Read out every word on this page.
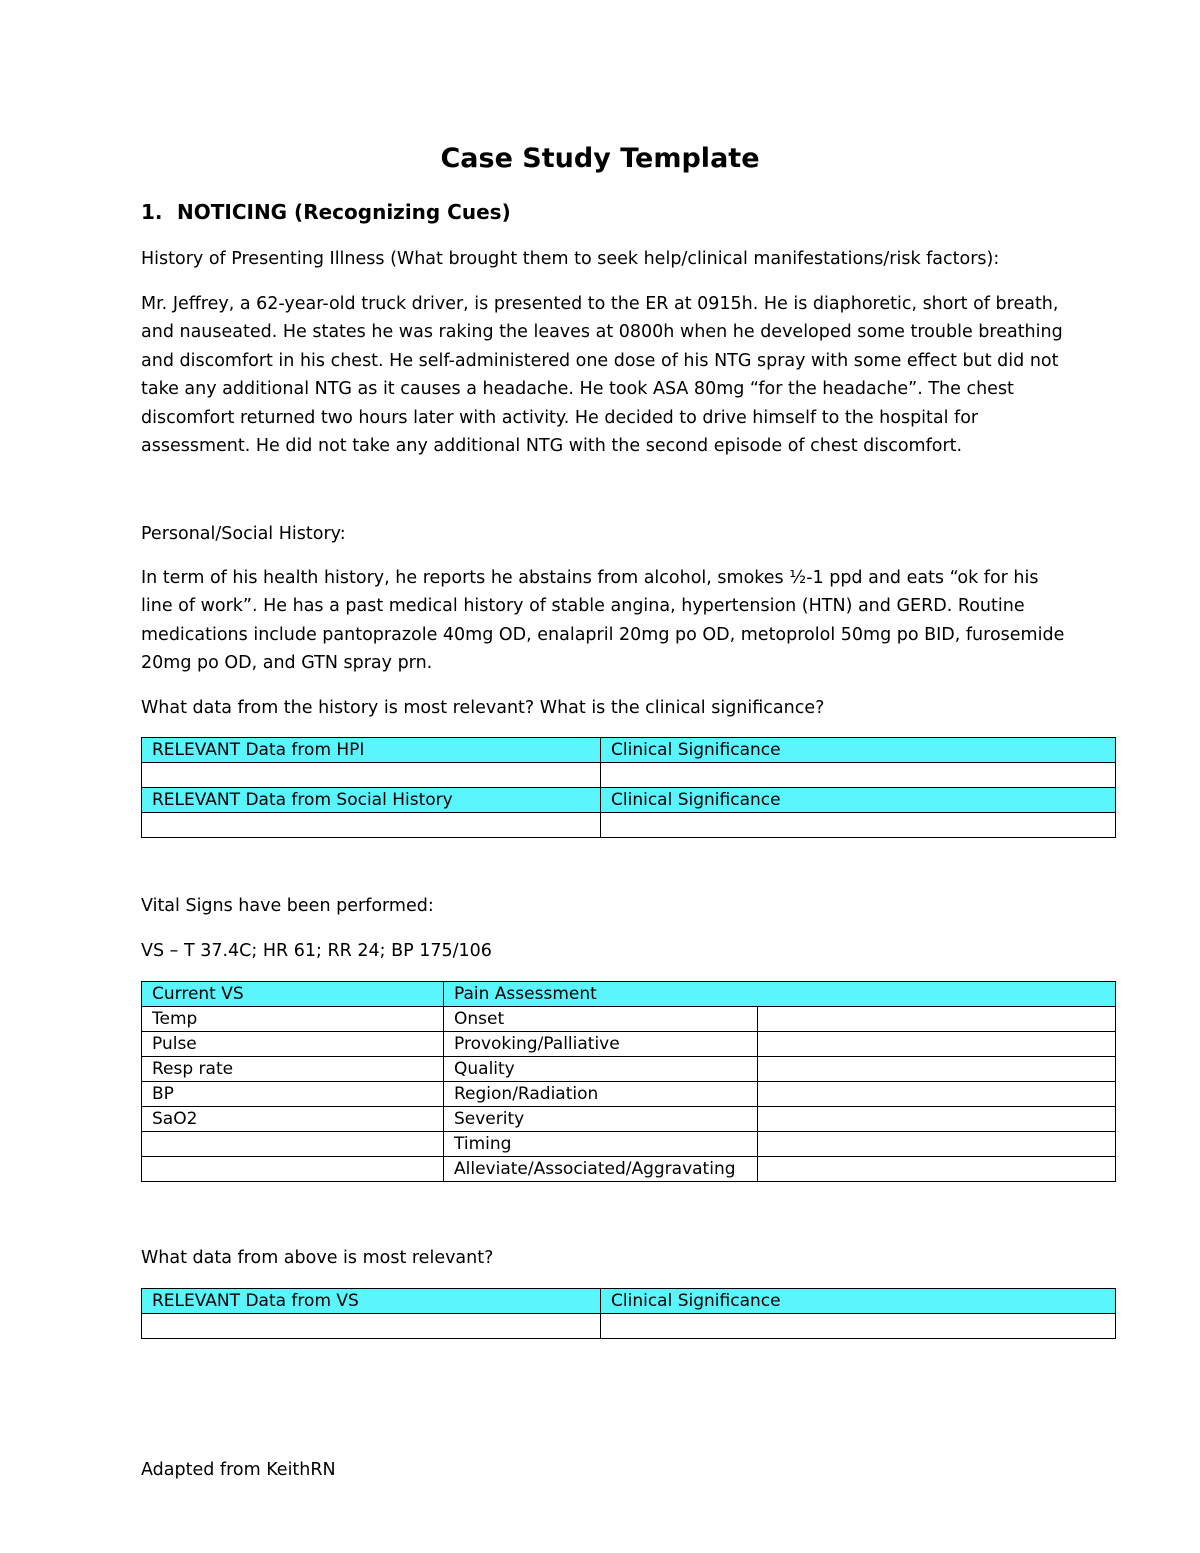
Case Study Template
1. NOTICING (Recognizing Cues)

History of Presenting Illness (What brought them to seek help/clinical manifestations/risk factors):

Mr. Jeffrey, a 62-year-old truck driver, is presented to the ER at 0915h. He is diaphoretic, short of breath, and nauseated. He states he was raking the leaves at 0800h when he developed some trouble breathing and discomfort in his chest. He self-administered one dose of his NTG spray with some effect but did not take any additional NTG as it causes a headache. He took ASA 80mg “for the headache”. The chest discomfort returned two hours later with activity. He decided to drive himself to the hospital for assessment. He did not take any additional NTG with the second episode of chest discomfort.

Personal/Social History:

In term of his health history, he reports he abstains from alcohol, smokes ½-1 ppd and eats “ok for his line of work”. He has a past medical history of stable angina, hypertension (HTN) and GERD. Routine medications include pantoprazole 40mg OD, enalapril 20mg po OD, metoprolol 50mg po BID, furosemide 20mg po OD, and GTN spray prn.

What data from the history is most relevant? What is the clinical significance?

RELEVANT Data from HPI	Clinical Significance

RELEVANT Data from Social History	Clinical Significance

Vital Signs have been performed:

VS – T 37.4C; HR 61; RR 24; BP 175/106

Current VS	Pain Assessment	
Temp	Onset	
Pulse	Provoking/Palliative	
Resp rate	Quality	
BP	Region/Radiation	
SaO2	Severity	
	Timing	
	Alleviate/Associated/Aggravating	

What data from above is most relevant?

RELEVANT Data from VS	Clinical Significance

Adapted from KeithRN
